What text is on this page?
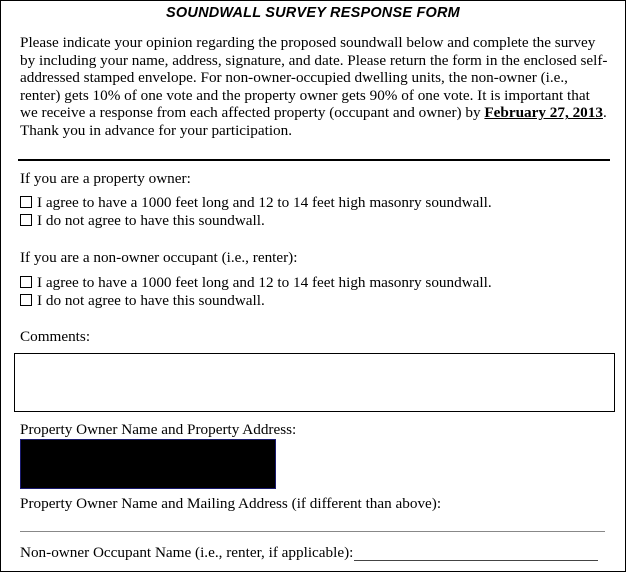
SOUNDWALL SURVEY RESPONSE FORM
Please indicate your opinion regarding the proposed soundwall below and complete the survey by including your name, address, signature, and date. Please return the form in the enclosed self- addressed stamped envelope. For non-owner-occupied dwelling units, the non-owner (i.e., renter) gets 10% of one vote and the property owner gets 90% of one vote. It is important that we receive a response from each affected property (occupant and owner) by February 27, 2013. Thank you in advance for your participation.
If you are a property owner:
I agree to have a 1000 feet long and 12 to 14 feet high masonry soundwall.
I do not agree to have this soundwall.
If you are a non-owner occupant (i.e., renter):
I agree to have a 1000 feet long and 12 to 14 feet high masonry soundwall.
I do not agree to have this soundwall.
Comments:
Property Owner Name and Property Address:
Property Owner Name and Mailing Address (if different than above):
Non-owner Occupant Name (i.e., renter, if applicable):
